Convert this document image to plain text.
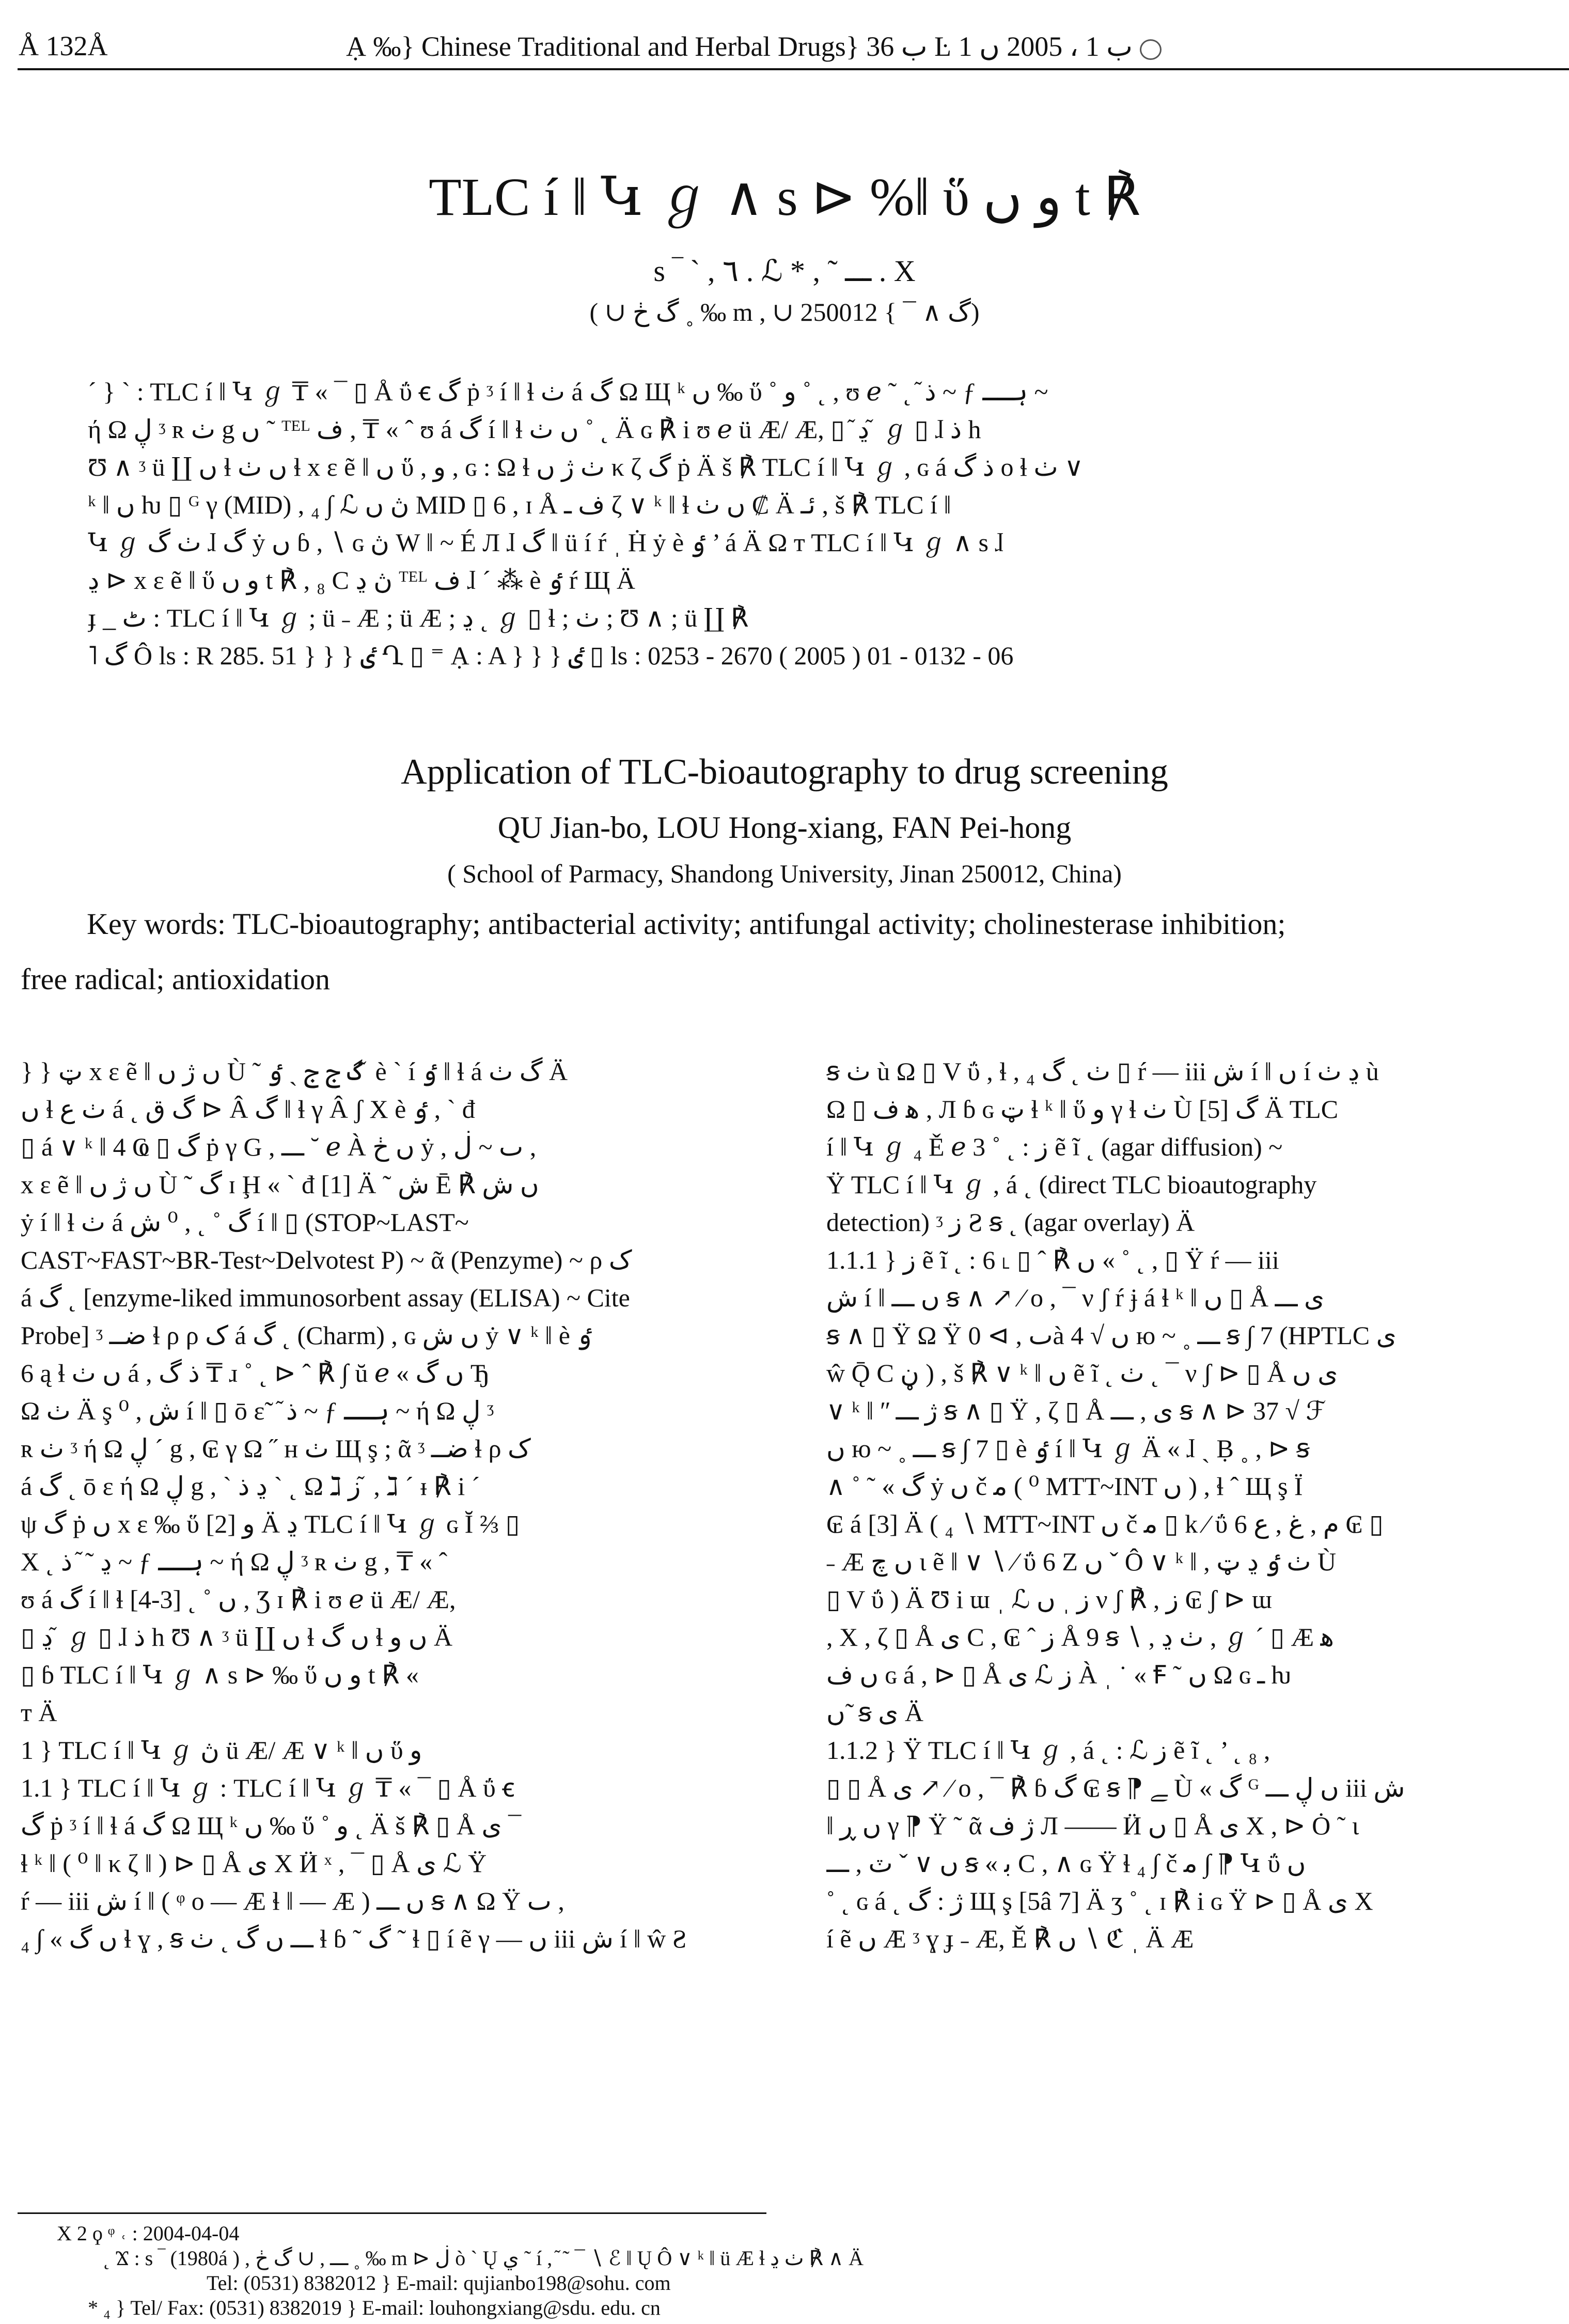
Å 132Å	Ạ ‰} Chinese Traditional and Herbal Drugs} ب 36 Ŀ ب 1 ، 2005 ں 1
TLC í ‖ Կ ℊ ∧ s ⊳ %‖ ὕ و ں t ℟
s ‾ ` , ٦ . ℒ * , ˜ ـــ . X
( ∪ گ ڂ ˳ ‰ m , ∪ گ ∧ ¯ } 250012)
´ } ˋ : TLC í ‖ Կ ℊ ₸ « ¯ ▯ Å ΰ ꞓ گ ṗ ᶾ í ‖ ɬ ٺ á گ Ω Щ ᵏ ں ‰ ὕ ˚ و ˚ ˛ , ʊ ℯ ˜ ˛ ᷉ ذ ~ ƒ ہــ ~
ή Ω ڸ ᶾ ʀ ٺ g ں ˜ ᵀᴱᴸ ف , ₸ « ˆ ʊ á گ í ‖ ɬ ں ٺ ˚ ˛ Ä ɢ ℟ i ʊ ℯ ü Æ/ Æ, ▯ ᷉ ڍ ᷉ ℊ ▯ ɺ ذ h
Ʊ ∧ ᶾ ü ∐ ں ɬ ں ٺ ɬ x ε ẽ ‖ ں ὕ , و , ɢ : Ω ɬ ٺ ژ ں κ ζ گ ṗ Ä š ℟ TLC í ‖ Կ ℊ , ɢ á ذ گ o ɬ ٺ ∨
ᵏ ‖ ں ƕ ▯ ᴳ γ (MID) , ₄ ∫ ℒ ڽ ں MID ▯ 6 , ɪ Å ف ـ ζ ∨ ᵏ ‖ ɬ ں ٺ ₡ Ä ئـ , š ℟ TLC í ‖
Կ ℊ ٺ گ ɺ گ ẏ ں ɓ , ∖ ɢ ڽ W ‖ ~ É Л ɺ گ ‖ ü í ŕ ˌ Ḣ ẏ è ٶ ’ á Ä Ω ᴛ TLC í ‖ Կ ℊ ∧ s ɺ
ڍ ⊳ x ε ẽ ‖ ὕ و ں t ℟ , ₈ Ϲ ڽ ڍ ᵀᴱᴸ ف ɺ ´ ⁂ è ٶ ŕ Щ Ä
ɟ _ ٹ : TLC í ‖ Կ ℊ ; ü ˗ Æ ; ü Æ ; ڍ ˛ ℊ ▯ ɬ ; ٺ ; Ʊ ∧ ; ü ∐ ℟
˥ گ Ô ls : R 285. 51 } } } ٸ Ղ ▯ ⁼ Ạ : A } } } ٸ ▯ ls : 0253 - 2670 ( 2005 ) 01 - 0132 - 06
Application of TLC-bioautography to drug screening
QU Jian-bo, LOU Hong-xiang, FAN Pei-hong
( School of Parmacy, Shandong University, Jinan 250012, China)
Key words: TLC-bioautography; antibacterial activity; antifungal activity; cholinesterase inhibition;
free radical; antioxidation
} } ټ x ε ẽ ‖ ں ژ ں Ù ˜ گ ج ج ˎ ٶ ᷉ è ˋ í ٶ ‖ ɬ á گ ٺ Ä
ں ɬ ٺ ع á ˛ گ ق ⊳ Â گ ‖ ɬ γ Â ʃ Χ è ٶ , ˋ đ
▯ á ∨ ᵏ ‖ 4 Ҩ ▯ گ ṗ γ G , ـــ ˘ ℯ À ں ڂ ẏ , ٮ ~ ڶ ,
x ε ẽ ‖ ں ژ ں Ù ˜ گ ɪ Ḩ « ˋ đ [1] Ä ˜ ش Ē ℟ ں ش
ẏ í ‖ ɬ ٺ á گ ˚ ˛ , ⁰ ش í ‖ ▯ (STOP~LAST~
CAST~FAST~BR-Test~Delvotest P) ~ ᾶ (Penzyme) ~ ρ ک
á گ ˛ [enzyme-liked immunosorbent assay (ELISA) ~ Cite
Probe] ᶾ ضــ ɬ ρ ρ ک á گ ˛ (Charm) , ɢ ں ش ẏ ∨ ᵏ ‖ è ٶ
6 ą ɬ ں ٺ á , ذ گ ₸ ɹ ˚ ˛ ⊳ ˆ ℟ ∫ ŭ ℯ « ں گ Ђ
Ω ٺ Ä ş ⁰ , ش í ‖ ▯ ō ε˜ ᷉ ذ ~ ƒ ہــ ~ ή Ω ڸ ᶾ
ʀ ٺ ᶾ ή Ω ڸ ´ g , ₢ γ Ω ˝ ʜ ٺ Щ ş ; ᾶ ᶾ ضــ ɬ ρ ک
á گ ˛ ō ε ή Ω ڸ g , ˋ ڍ ذ ˋ ˛ Ω ℷ ز ᷉ , ℷ ˊ ᵻ ℟ i ˊ
ψ گ ṗ ں x ε ‰ ὕ و [2] Ä ڍ TLC í ‖ Կ ℊ ɢ Ĭ ⅔ ▯
Χ ˛ ڍ ˜ ᷉ ذ ~ ƒ ہــ ~ ή Ω ڸ ᶾ ʀ ٺ g , ₸ « ˆ
ʊ á گ í ‖ ɬ ں ˚ ˛ [3-4] , Ʒ ɪ ℟ i ʊ ℯ ü Æ/ Æ,
▯ ڍ ᷉ ℊ ▯ ɺ ذ h Ʊ ∧ ᶾ ü ∐ ں ɬ ں گ ɬ ں و Ä
▯ ɓ TLC í ‖ Կ ℊ ∧ s ⊳ ‰ ὕ و ں t ℟ «
ᴛ Ä
1 } TLC í ‖ Կ ℊ ڽ ü Æ/ Æ ∨ ᵏ ‖ ں ὕ و
1.1 } TLC í ‖ Կ ℊ : TLC í ‖ Կ ℊ ₸ « ¯ ▯ Å ΰ ꞓ
گ ṗ ᶾ í ‖ ɬ á گ Ω Щ ᵏ ں ‰ ὕ ˚ و ˛ Ä š ℟ ▯ Å ی ¯
ɬ ᵏ ‖ ( ⁰ ‖ κ ζ ‖ ) ⊳ ▯ Å ی Χ Ӥ ˣ , ¯ ▯ Å ی ℒ Ÿ
ŕ — iii ش í ‖ ( ᵠ o — Æ ɬ ‖ — Æ ) ں ـــ ꞩ ∧ Ω Ÿ ٮ ,
₄ ∫ « ں گ ɬ ɣ , ꞩ ـــ ں گ ˛ ٺ ɬ ɓ ˜ گ ˜ ɬ ▯ í ẽ γ — ں iii ش í ‖ ŵ Ƨ
ꞩ ٺ ù Ω ▯ V ΰ , ɬ , ٺ ˛ گ ₄ ▯ ŕ — iii ش í ‖ ں í ڍ ٺ ù
Ω ▯ ﻫ ف , Л ɓ ɢ ټ ɬ ᵏ ‖ ὕ و γ ɬ ٺ Ù گ [5] Ä TLC
í ‖ Կ ℊ ₄ Ě ℯ 3 ˚ ˛ : ز ẽ ĩ ˛ (agar diffusion) ~
Ÿ TLC í ‖ Կ ℊ , á ˛ (direct TLC bioautography
detection) ᶾ ز Ƨ ꞩ ˛ (agar overlay) Ä
1.1.1 } ز ẽ ĩ ˛ : 6 ˪ ▯ ˆ ℟ ں « ˚ ˛ , ▯ Ÿ ŕ — iii
ش í ‖ ں ـــ ꞩ ∧ ↗ ⁄ o , ¯ ν ʃ ŕ ɉ á ɬ ᵏ ‖ ں ▯ Å ی ـــ
ꞩ ∧ ▯ Ÿ Ω Ÿ ٮ , ⊳ 0à 4 √ ں ю ~ ˳ ـــ ꞩ ∫ 7 (HPTLC ی
ŵ Ǭ Ϲ ڼ ) , š ℟ ∨ ᵏ ‖ ں ẽ ĩ ˛ ٺ ˛ ¯ ν ʃ ⊳ ▯ Å ی ں
∨ ᵏ ‖ ʺ ژ ـــ ꞩ ∧ ▯ Ÿ , ζ ▯ Å ی , ـــ ꞩ ∧ ⊳ 37 √ ℱ
ں ю ~ ˳ ـــ ꞩ ∫ 7 ▯ è ٶ í ‖ Կ ℊ Ä « ɺ ˎ Ḅ ˳ , ⊳ ꞩ
∧ ˚ ˜ « گ ẏ ں č ﻣ ( ⁰ MTT~INT ں ) , ɬ ˆ Щ ş Ï
₢ á [3] Ä ( ₄ ∖ MTT~INT ں č ﻣ ▯ k ⁄ ΰ 6 ﻡ , ﻍ , ﻉ ₢ ▯
˗ Æ ں ﭺ ɩ ẽ ‖ ∨ ∖ ⁄ ΰ 6 Ζ ں ˇ Ô ∨ ᵏ ‖ , ٺ ٶ ڍ ټ Ù
▯ V ΰ ) Ä Ʊ i ɯ ˌ ℒ ز ˌ ں ν ʃ ℟ , ز ₢ ʃ ⊳ ɯ
, Χ , ζ ▯ Å ی Ϲ , ₢ ˆ ز Å 9 ꞩ ∖ , ٺ ڍ , ℊ ˊ ▯ Æ ﻫ
ں ف ɢ á , ⊳ ▯ Å ی ℒ ز À ˌ ˙ « Ꞙ ˜ ں Ω ɢ ـ ƕ
ں ̃ ꞩ ی Ä
1.1.2 } Ÿ TLC í ‖ Կ ℊ , á ˛ : ℒ ز ẽ ĩ ˛ ’ ˛ ₈ ,
▯ ▯ Å ی ↗ ⁄ o , ¯ ℟ ɓ گ ₢ ꞩ ⁋ ﮯ Ù « گ ᴳ ں ڸ ـــ iii ش
‖ ں ڕ γ ⁋ Ÿ ˜ ᾶ ژ ف Л —— Ӥ ں ▯ Å ی Χ , ⊳ Ȯ ˜ ɩ
ں ∨ ˇ ٽ , ـــ ꞩ « ﺑ Ϲ , ∧ ɢ Ÿ ɬ ₄ ∫ č ﻣ ∫ ⁋ Կ ΰ ں
˚ ˛ ɢ á ˛ ژ : گ Щ ş [5â 7] Ä ʒ ˚ ˛ ɪ ℟ i ɢ Ÿ ⊳ ▯ Å ی Χ
í ẽ ں Æ ᶾ ɣ ɟ ˗ Æ, Ě ℟ ں ∖ ℭ ˌ Ä Æ
X 2 ϙ ᵠ ˓ : 2004-04-04
˛ Ϫ : s ‾ (1980á ) , ـــ , ∪ گ ڂ ˳ ‰ m ⊳ ڶ ò ` Ų ي ˜ í , ᷉ ˜ ¯ ∖ ℰ ‖ Ų Ô ∨ ᵏ ‖ ü Æ ɬ ٺ ڍ ℟ ∧ Ä
Tel: (0531) 8382012 } E-mail: qujianbo198@sohu. com
* ₄ } Tel/ Fax: (0531) 8382019 } E-mail: louhongxiang@sdu. edu. cn
